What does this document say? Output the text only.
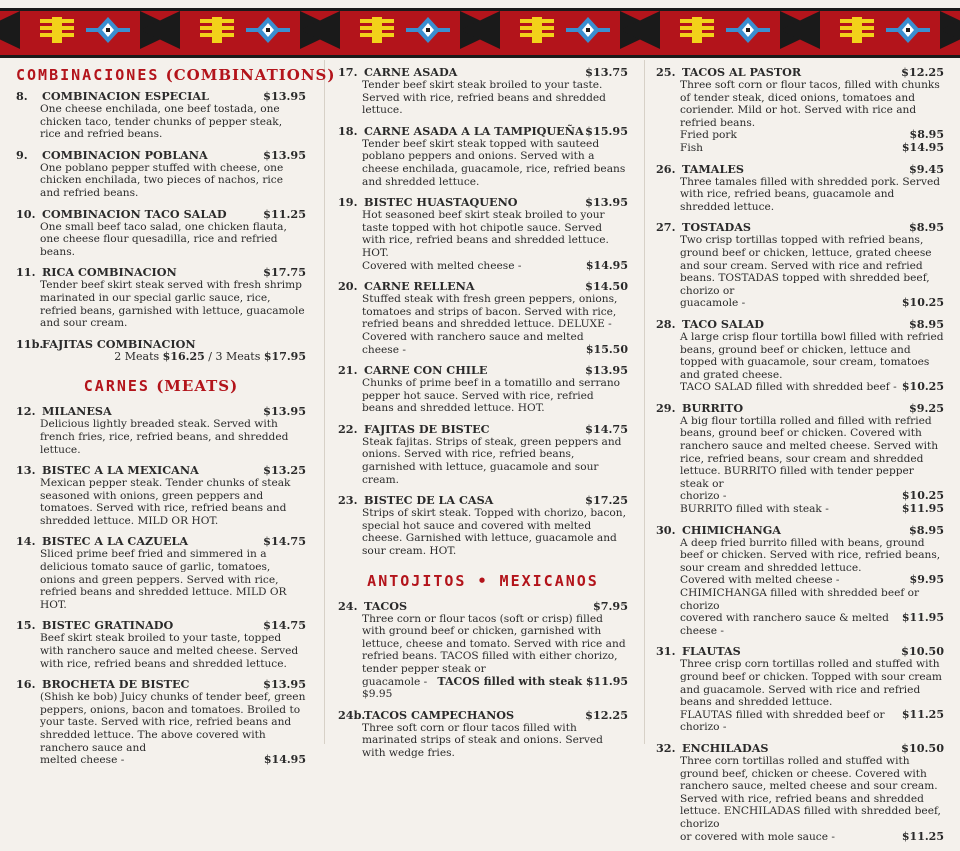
COMBINACIONES (COMBINATIONS)
8.	COMBINACION ESPECIAL	$13.95
One cheese enchilada, one beef tostada, one chicken taco, tender chunks of pepper steak, rice and refried beans.
9.	COMBINACION POBLANA	$13.95
One poblano pepper stuffed with cheese, one chicken enchilada, two pieces of nachos, rice and refried beans.
10. COMBINACION TACO SALAD	$11.25
One small beef taco salad, one chicken flauta, one cheese flour quesadilla, rice and refried beans.
11. RICA COMBINACION	$17.75
Tender beef skirt steak served with fresh shrimp marinated in our special garlic sauce, rice, refried beans, garnished with lettuce, guacamole and sour cream.
11b.
FAJITAS COMBINACION
2 Meats $16.25 / 3 Meats $17.95
CARNES (MEATS)
12. MILANESA	$13.95
Delicious lightly breaded steak. Served with french fries, rice, refried beans, and shredded lettuce.
13. BISTEC A LA MEXICANA	$13.25
Mexican pepper steak. Tender chunks of steak seasoned with onions, green peppers and tomatoes. Served with rice, refried beans and shredded lettuce. MILD OR HOT.
14. BISTEC A LA CAZUELA	$14.75
Sliced prime beef fried and simmered in a delicious tomato sauce of garlic, tomatoes, onions and green peppers. Served with rice, refried beans and shredded lettuce. MILD OR HOT.
15. BISTEC GRATINADO	$14.75
Beef skirt steak broiled to your taste, topped with ranchero sauce and melted cheese. Served with rice, refried beans and shredded lettuce.
16. BROCHETA DE BISTEC	$13.95
(Shish ke bob) Juicy chunks of tender beef, green peppers, onions, bacon and tomatoes. Broiled to your taste. Served with rice, refried beans and shredded lettuce. The above covered with ranchero sauce and
melted cheese -	$14.95
17. CARNE ASADA	$13.75
Tender beef skirt steak broiled to your taste. Served with rice, refried beans and shredded lettuce.
18. CARNE ASADA A LA TAMPIQUEÑA $15.95
Tender beef skirt steak topped with sauteed poblano peppers and onions. Served with a cheese enchilada, guacamole, rice, refried beans and shredded lettuce.
19. BISTEC HUASTAQUENO	$13.95
Hot seasoned beef skirt steak broiled to your taste topped with hot chipotle sauce. Served with rice, refried beans and shredded lettuce. HOT.
Covered with melted cheese -	$14.95
20. CARNE RELLENA	$14.50
Stuffed steak with fresh green peppers, onions, tomatoes and strips of bacon. Served with rice, refried beans and shredded lettuce. DELUXE - Covered with ranchero sauce and melted
cheese -	$15.50
21. CARNE CON CHILE	$13.95
Chunks of prime beef in a tomatillo and serrano pepper hot sauce. Served with rice, refried beans and shredded lettuce. HOT.
22. FAJITAS DE BISTEC	$14.75
Steak fajitas. Strips of steak, green peppers and onions. Served with rice, refried beans, garnished with lettuce, guacamole and sour cream.
23. BISTEC DE LA CASA	$17.25
Strips of skirt steak. Topped with chorizo, bacon, special hot sauce and covered with melted cheese. Garnished with lettuce, guacamole and sour cream. HOT.
ANTOJITOS • MEXICANOS
24. TACOS	$7.95
Three corn or flour tacos (soft or crisp) filled with ground beef or chicken, garnished with lettuce, cheese and tomato. Served with rice and refried beans. TACOS filled with either chorizo, tender pepper steak or
guacamole - $9.95
TACOS filled with steak $11.95
24b.
TACOS CAMPECHANOS	$12.25
Three soft corn or flour tacos filled with marinated strips of steak and onions. Served with wedge fries.
25. TACOS AL PASTOR	$12.25
Three soft corn or flour tacos, filled with chunks of tender steak, diced onions, tomatoes and coriender. Mild or hot. Served with rice and refried beans.
Fried pork	$8.95
Fish	$14.95
26. TAMALES	$9.45
Three tamales filled with shredded pork. Served with rice, refried beans, guacamole and shredded lettuce.
27. TOSTADAS	$8.95
Two crisp tortillas topped with refried beans, ground beef or chicken, lettuce, grated cheese and sour cream. Served with rice and refried beans. TOSTADAS topped with shredded beef, chorizo or
guacamole -	$10.25
28. TACO SALAD	$8.95
A large crisp flour tortilla bowl filled with refried beans, ground beef or chicken, lettuce and topped with guacamole, sour cream, tomatoes and grated cheese.
TACO SALAD filled with shredded beef - $10.25
29. BURRITO	$9.25
A big flour tortilla rolled and filled with refried beans, ground beef or chicken. Covered with ranchero sauce and melted cheese. Served with rice, refried beans, sour cream and shredded lettuce. BURRITO filled with tender pepper steak or
chorizo -	$10.25
BURRITO filled with steak -	$11.95
30. CHIMICHANGA	$8.95
A deep fried burrito filled with beans, ground beef or chicken. Served with rice, refried beans, sour cream and shredded lettuce.
Covered with melted cheese -	$9.95
CHIMICHANGA filled with shredded beef or chorizo
covered with ranchero sauce & melted cheese -
$11.95
31. FLAUTAS	$10.50
Three crisp corn tortillas rolled and stuffed with ground beef or chicken. Topped with sour cream and guacamole. Served with rice and refried beans and shredded lettuce.
FLAUTAS filled with shredded beef or chorizo -
$11.25
32. ENCHILADAS	$10.50
Three corn tortillas rolled and stuffed with ground beef, chicken or cheese. Covered with ranchero sauce, melted cheese and sour cream. Served with rice, refried beans and shredded lettuce. ENCHILADAS filled with shredded beef, chorizo
or covered with mole sauce -	$11.25
